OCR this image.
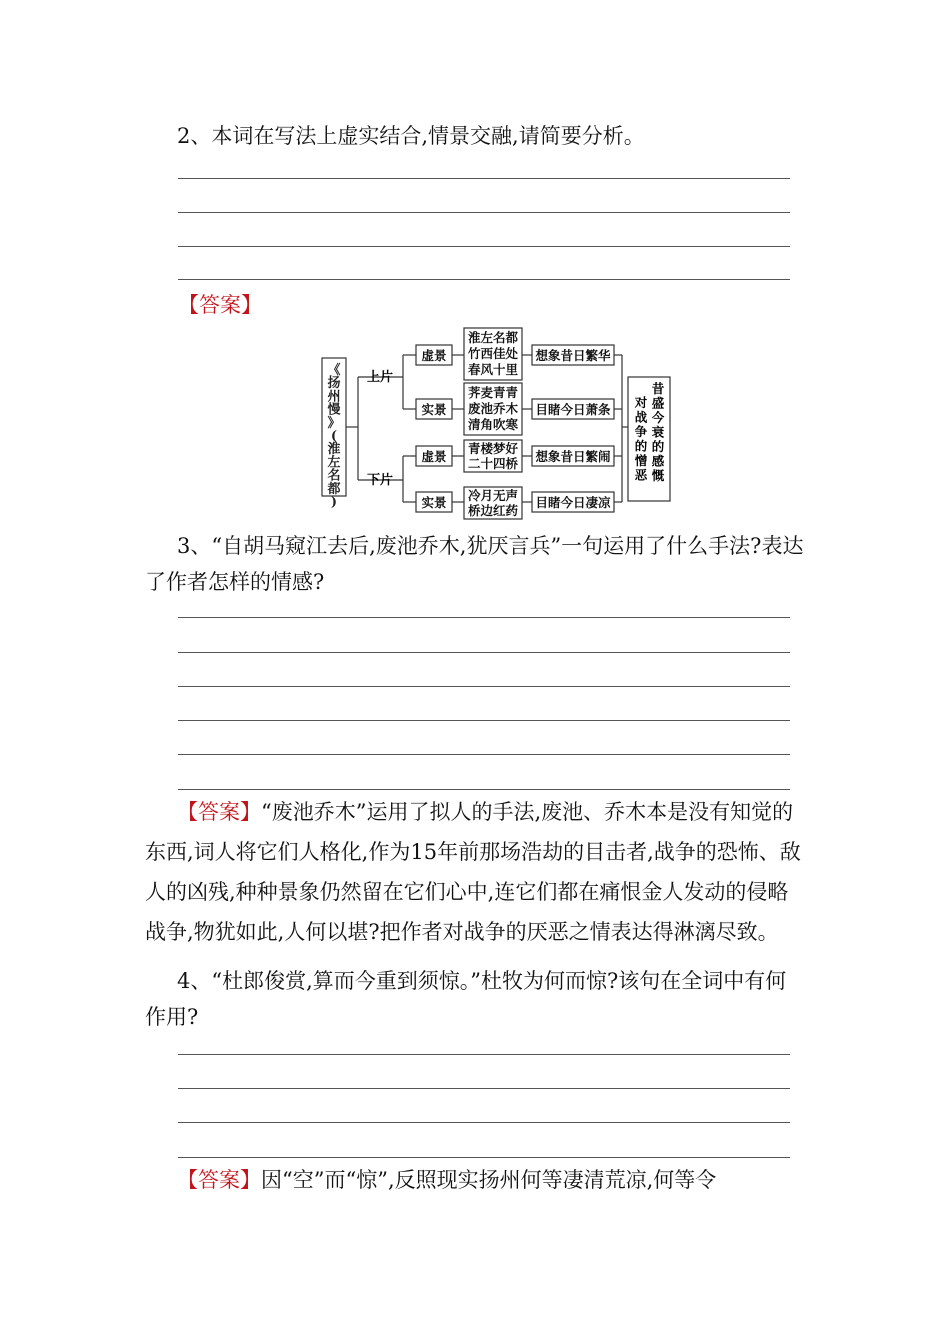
2、本词在写法上虚实结合,情景交融,请简要分析。

【答案】
《扬州慢》(淮左名都)
上片
下片
虚景
实景
虚景
实景
淮左名都
竹西佳处
春风十里
荠麦青青
废池乔木
清角吹寒
青楼梦好
二十四桥
冷月无声
桥边红药
想象昔日繁华
目睹今日萧条
想象昔日繁闹
目睹今日凄凉
昔盛今衰的感慨
对战争的憎恶

3、“自胡马窥江去后,废池乔木,犹厌言兵”一句运用了什么手法?表达了作者怎样的情感?

【答案】“废池乔木”运用了拟人的手法,废池、乔木本是没有知觉的东西,词人将它们人格化,作为15年前那场浩劫的目击者,战争的恐怖、敌人的凶残,种种景象仍然留在它们心中,连它们都在痛恨金人发动的侵略战争,物犹如此,人何以堪?把作者对战争的厌恶之情表达得淋漓尽致。

4、“杜郎俊赏,算而今重到须惊。”杜牧为何而惊?该句在全词中有何作用?

【答案】因“空”而“惊”,反照现实扬州何等凄清荒凉,何等令
